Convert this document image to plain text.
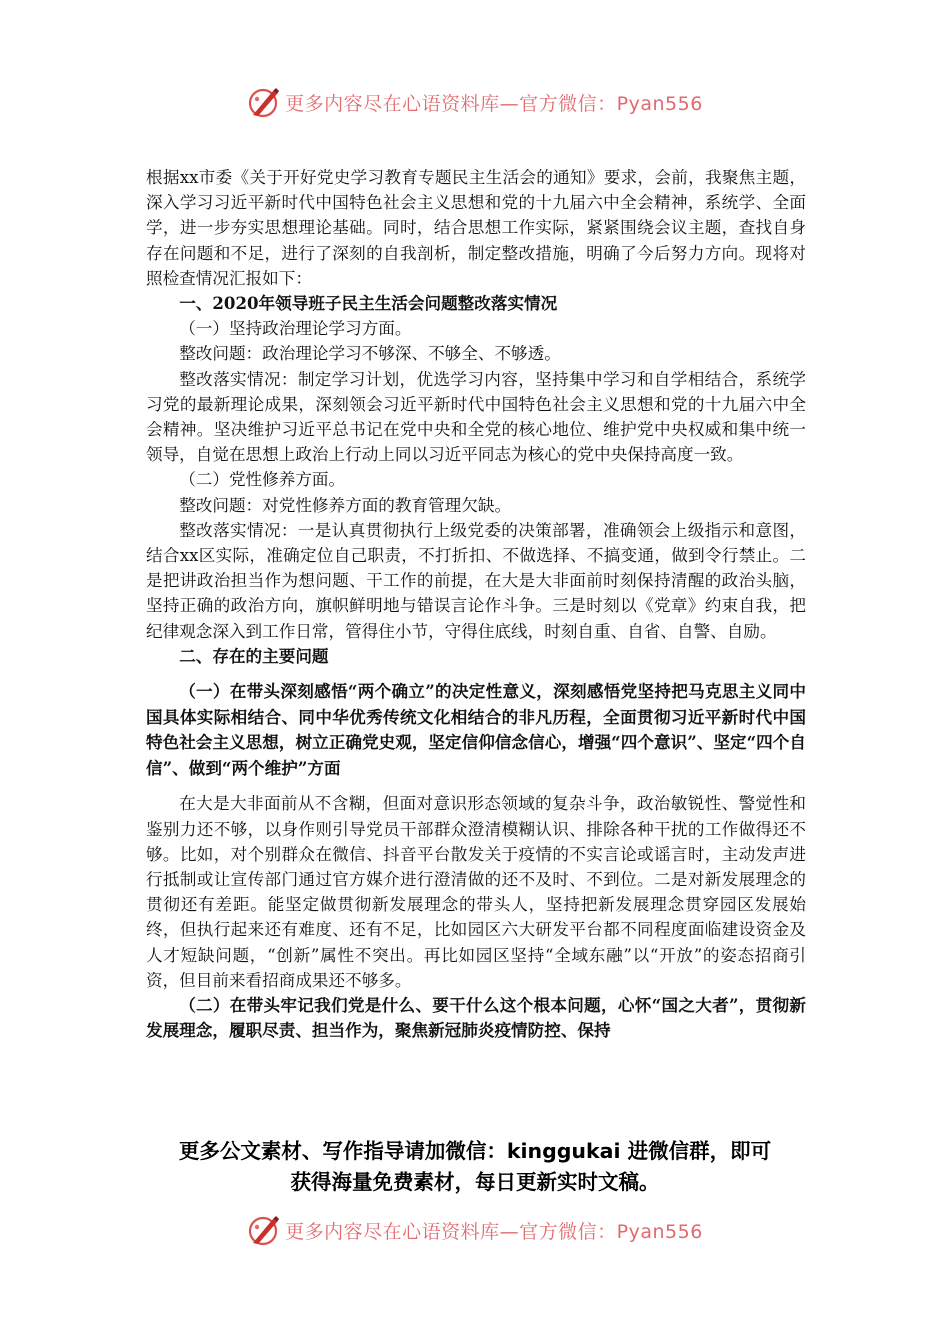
更多内容尽在心语资料库—官方微信：Pyan556

根据xx市委《关于开好党史学习教育专题民主生活会的通知》要求，会前，我聚焦主题，深入学习习近平新时代中国特色社会主义思想和党的十九届六中全会精神，系统学、全面学，进一步夯实思想理论基础。同时，结合思想工作实际，紧紧围绕会议主题，查找自身存在问题和不足，进行了深刻的自我剖析，制定整改措施，明确了今后努力方向。现将对照检查情况汇报如下：

一、2020年领导班子民主生活会问题整改落实情况

（一）坚持政治理论学习方面。

整改问题：政治理论学习不够深、不够全、不够透。

整改落实情况：制定学习计划，优选学习内容，坚持集中学习和自学相结合，系统学习党的最新理论成果，深刻领会习近平新时代中国特色社会主义思想和党的十九届六中全会精神。坚决维护习近平总书记在党中央和全党的核心地位、维护党中央权威和集中统一领导，自觉在思想上政治上行动上同以习近平同志为核心的党中央保持高度一致。

（二）党性修养方面。

整改问题：对党性修养方面的教育管理欠缺。

整改落实情况：一是认真贯彻执行上级党委的决策部署，准确领会上级指示和意图，结合xx区实际，准确定位自己职责，不打折扣、不做选择、不搞变通，做到令行禁止。二是把讲政治担当作为想问题、干工作的前提，在大是大非面前时刻保持清醒的政治头脑，坚持正确的政治方向，旗帜鲜明地与错误言论作斗争。三是时刻以《党章》约束自我，把纪律观念深入到工作日常，管得住小节，守得住底线，时刻自重、自省、自警、自励。

二、存在的主要问题

（一）在带头深刻感悟“两个确立”的决定性意义，深刻感悟党坚持把马克思主义同中国具体实际相结合、同中华优秀传统文化相结合的非凡历程，全面贯彻习近平新时代中国特色社会主义思想，树立正确党史观，坚定信仰信念信心，增强“四个意识”、坚定“四个自信”、做到“两个维护”方面

在大是大非面前从不含糊，但面对意识形态领域的复杂斗争，政治敏锐性、警觉性和鉴别力还不够，以身作则引导党员干部群众澄清模糊认识、排除各种干扰的工作做得还不够。比如，对个别群众在微信、抖音平台散发关于疫情的不实言论或谣言时，主动发声进行抵制或让宣传部门通过官方媒介进行澄清做的还不及时、不到位。二是对新发展理念的贯彻还有差距。能坚定做贯彻新发展理念的带头人，坚持把新发展理念贯穿园区发展始终，但执行起来还有难度、还有不足，比如园区六大研发平台都不同程度面临建设资金及人才短缺问题，“创新”属性不突出。再比如园区坚持“全域东融”以“开放”的姿态招商引资，但目前来看招商成果还不够多。

（二）在带头牢记我们党是什么、要干什么这个根本问题，心怀“国之大者”，贯彻新发展理念，履职尽责、担当作为，聚焦新冠肺炎疫情防控、保持

更多公文素材、写作指导请加微信：kinggukai 进微信群，即可
获得海量免费素材，每日更新实时文稿。
更多内容尽在心语资料库—官方微信：Pyan556
